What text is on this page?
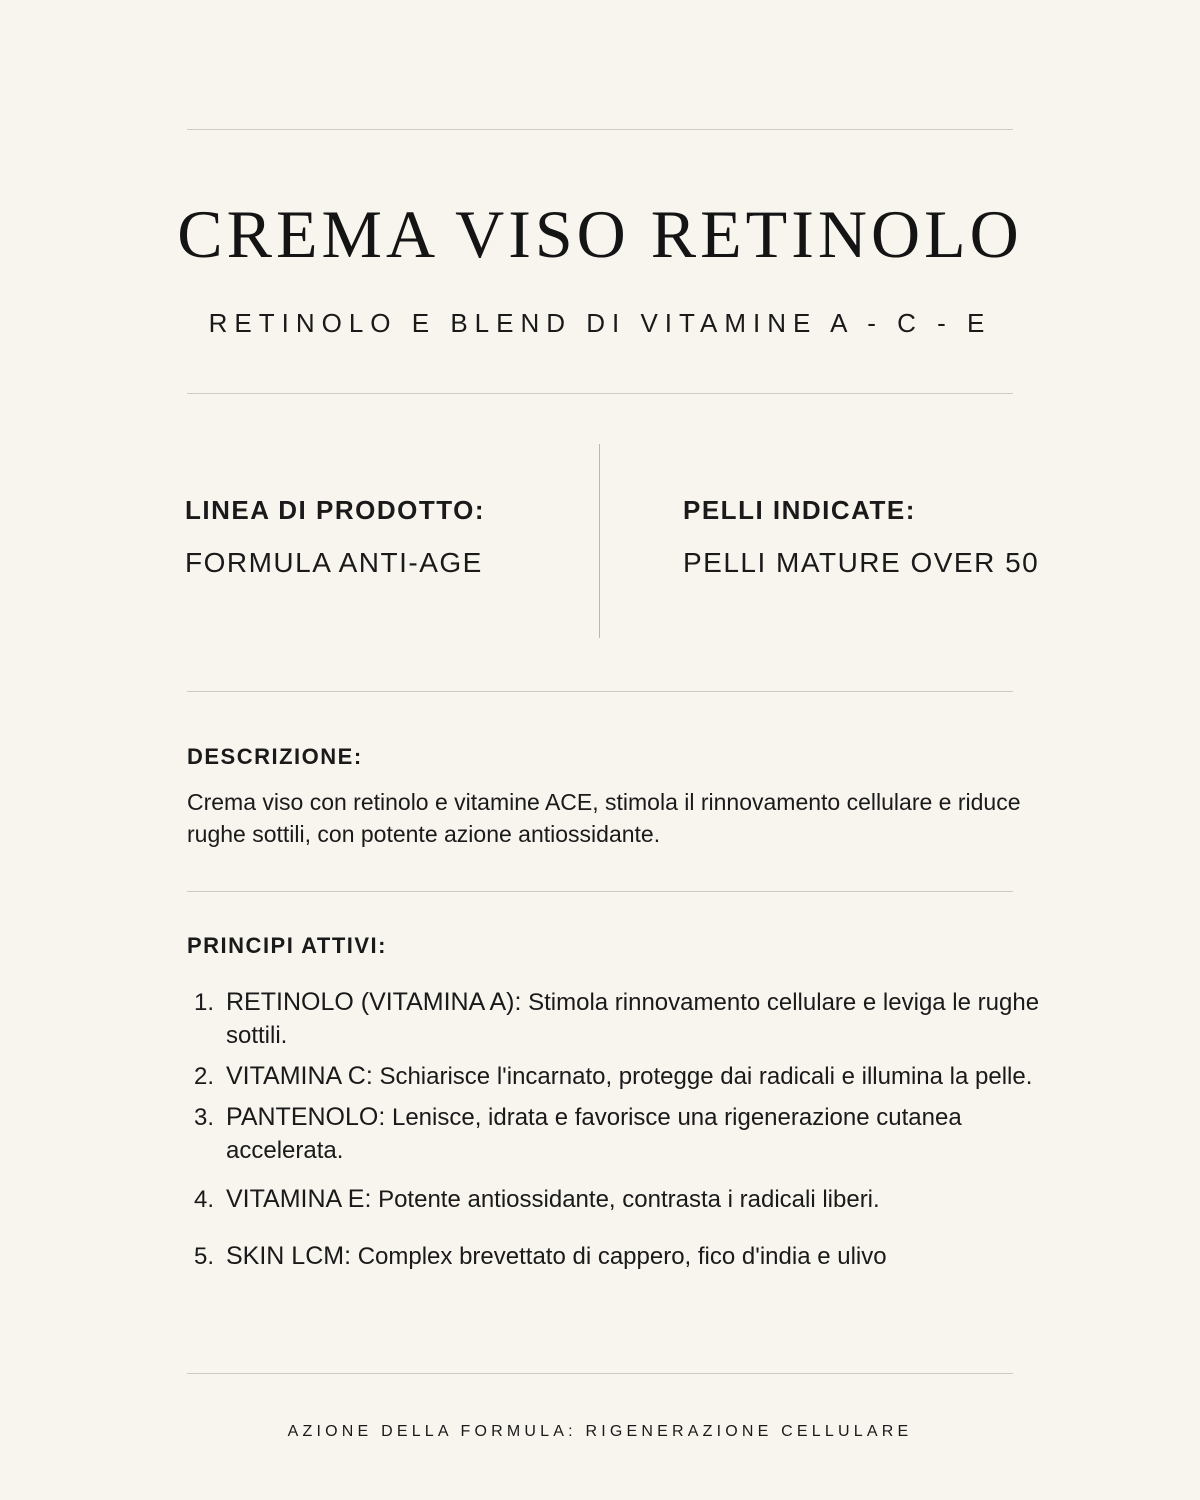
CREMA VISO RETINOLO
RETINOLO E BLEND DI VITAMINE A - C - E
LINEA DI PRODOTTO:
FORMULA ANTI-AGE
PELLI INDICATE:
PELLI MATURE OVER 50
DESCRIZIONE:
Crema viso con retinolo e vitamine ACE, stimola il rinnovamento cellulare e riduce rughe sottili, con potente azione antiossidante.
PRINCIPI ATTIVI:
1. RETINOLO (VITAMINA A): Stimola rinnovamento cellulare e leviga le rughe sottili.
2. VITAMINA C: Schiarisce l'incarnato, protegge dai radicali e illumina la pelle.
3. PANTENOLO: Lenisce, idrata e favorisce una rigenerazione cutanea accelerata.
4. VITAMINA E: Potente antiossidante, contrasta i radicali liberi.
5. SKIN LCM: Complex brevettato di cappero, fico d'india e ulivo
AZIONE DELLA FORMULA: RIGENERAZIONE CELLULARE
